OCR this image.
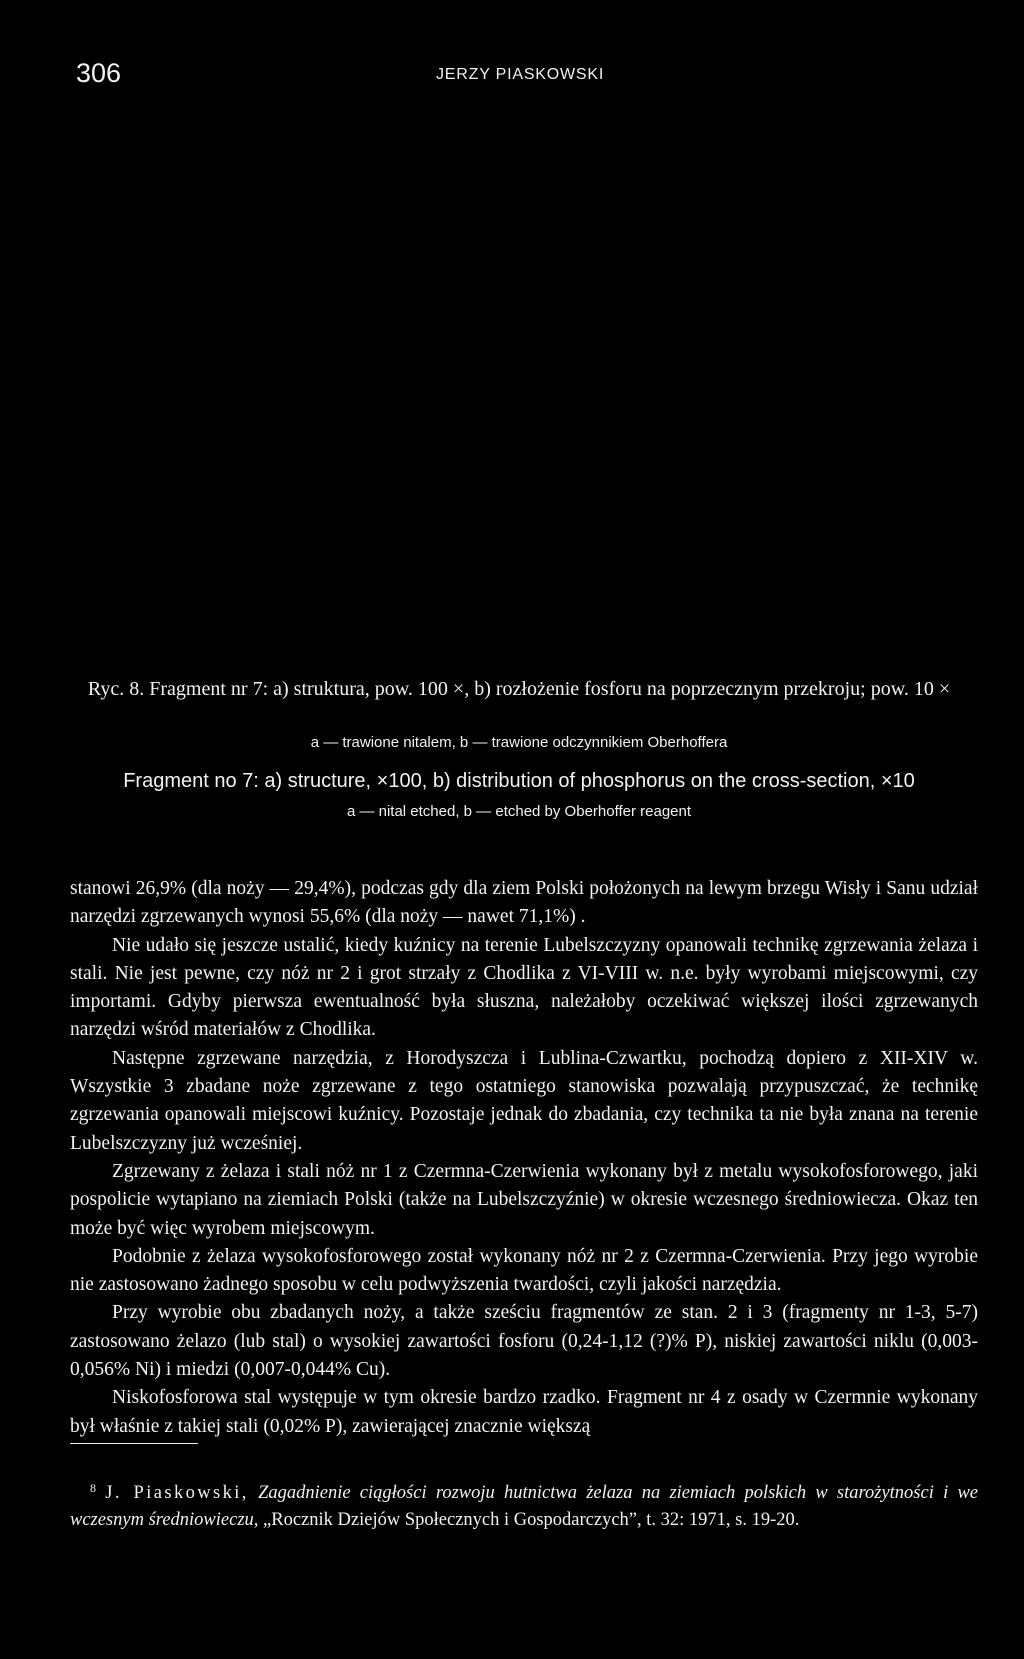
306	JERZY PIASKOWSKI
Ryc. 8. Fragment nr 7: a) struktura, pow. 100 ×, b) rozłożenie fosforu na poprzecznym przekroju; pow. 10 ×
a — trawione nitalem, b — trawione odczynnikiem Oberhoffera
Fragment no 7: a) structure, ×100, b) distribution of phosphorus on the cross-section, ×10
a — nital etched, b — etched by Oberhoffer reagent

stanowi 26,9% (dla noży — 29,4%), podczas gdy dla ziem Polski położonych na lewym brzegu Wisły i Sanu udział narzędzi zgrzewanych wynosi 55,6% (dla noży — nawet 71,1%) .

Nie udało się jeszcze ustalić, kiedy kuźnicy na terenie Lubelszczyzny opanowali technikę zgrzewania żelaza i stali. Nie jest pewne, czy nóż nr 2 i grot strzały z Chodlika z VI-VIII w. n.e. były wyrobami miejscowymi, czy importami. Gdyby pierwsza ewentualność była słuszna, należałoby oczekiwać większej ilości zgrzewanych narzędzi wśród materiałów z Chodlika.

Następne zgrzewane narzędzia, z Horodyszcza i Lublina-Czwartku, pochodzą dopiero z XII-XIV w. Wszystkie 3 zbadane noże zgrzewane z tego ostatniego stanowiska pozwalają przypuszczać, że technikę zgrzewania opanowali miejscowi kuźnicy. Pozostaje jednak do zbadania, czy technika ta nie była znana na terenie Lubelszczyzny już wcześniej.

Zgrzewany z żelaza i stali nóż nr 1 z Czermna-Czerwienia wykonany był z metalu wysokofosforowego, jaki pospolicie wytapiano na ziemiach Polski (także na Lubelszczyźnie) w okresie wczesnego średniowiecza. Okaz ten może być więc wyrobem miejscowym.

Podobnie z żelaza wysokofosforowego został wykonany nóż nr 2 z Czermna-Czerwienia. Przy jego wyrobie nie zastosowano żadnego sposobu w celu podwyższenia twardości, czyli jakości narzędzia.

Przy wyrobie obu zbadanych noży, a także sześciu fragmentów ze stan. 2 i 3 (fragmenty nr 1-3, 5-7) zastosowano żelazo (lub stal) o wysokiej zawartości fosforu (0,24-1,12 (?)% P), niskiej zawartości niklu (0,003-0,056% Ni) i miedzi (0,007-0,044% Cu).

Niskofosforowa stal występuje w tym okresie bardzo rzadko. Fragment nr 4 z osady w Czermnie wykonany był właśnie z takiej stali (0,02% P), zawierającej znacznie większą

$^8$ J. Piaskowski, Zagadnienie ciągłości rozwoju hutnictwa żelaza na ziemiach polskich w starożytności i we wczesnym średniowieczu, „Rocznik Dziejów Społecznych i Gospodarczych”, t. 32: 1971, s. 19-20.
